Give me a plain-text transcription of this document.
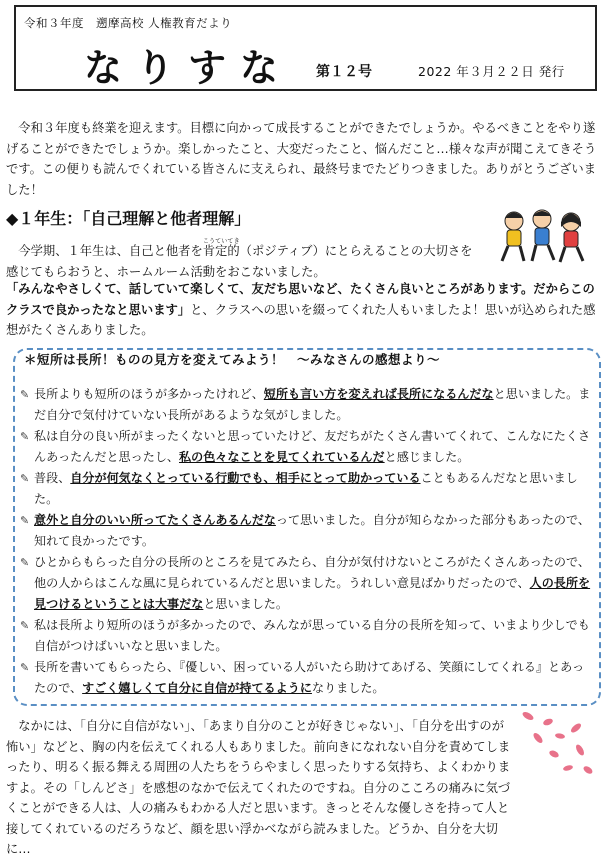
令和３年度　遡摩高校 人権教育だより
なりすな 第１２号	2022 年３月２２日 発行

令和３年度も終業を迎えます。目標に向かって成長することができたでしょうか。やるべきことをやり遂げることができたでしょうか。楽しかったこと、大変だったこと、悩んだこと…様々な声が聞こえてきそうです。この便りも読んでくれている皆さんに支えられ、最終号までたどりつきました。ありがとうございました！

◆１年生：「自己理解と他者理解」

今学期、１年生は、自己と他者を肯定的こうていてき（ポジティブ）にとらえることの大切さを感じてもらおうと、ホームルーム活動をおこないました。

「みんなやさしくて、話していて楽しくて、友だち思いなど、たくさん良いところがあります。だからこのクラスで良かったなと思います」と、クラスへの思いを綴ってくれた人もいましたよ！思いが込められた感想がたくさんありました。

＊短所は長所！ものの見方を変えてみよう！　～みなさんの感想より～
✎ 長所よりも短所のほうが多かったけれど、短所も言い方を変えれば長所になるんだなと思いました。まだ自分で気付けていない長所があるような気がしました。
✎ 私は自分の良い所がまったくないと思っていたけど、友だちがたくさん書いてくれて、こんなにたくさんあったんだと思ったし、私の色々なことを見てくれているんだと感じました。
✎ 普段、自分が何気なくとっている行動でも、相手にとって助かっていることもあるんだなと思いました。
✎ 意外と自分のいい所ってたくさんあるんだなって思いました。自分が知らなかった部分もあったので、知れて良かったです。
✎ ひとからもらった自分の長所のところを見てみたら、自分が気付けないところがたくさんあったので、他の人からはこんな風に見られているんだと思いました。うれしい意見ばかりだったので、人の長所を見つけるということは大事だなと思いました。
✎ 私は長所より短所のほうが多かったので、みんなが思っている自分の長所を知って、いまより少しでも自信がつけばいいなと思いました。
✎ 長所を書いてもらったら、『優しい、困っている人がいたら助けてあげる、笑顔にしてくれる』とあったので、すごく嬉しくて自分に自信が持てるようになりました。

なかには、「自分に自信がない」、「あまり自分のことが好きじゃない」、「自分を出すのが怖い」などと、胸の内を伝えてくれる人もありました。前向きになれない自分を責めてしまったり、明るく振る舞える周囲の人たちをうらやましく思ったりする気持ち、よくわかりますよ。その「しんどさ」を感想のなかで伝えてくれたのですね。自分のこころの痛みに気づくことができる人は、人の痛みもわかる人だと思います。きっとそんな優しさを持って人と接してくれているのだろうなど、顔を思い浮かべながら読みました。どうか、自分を大切に…
